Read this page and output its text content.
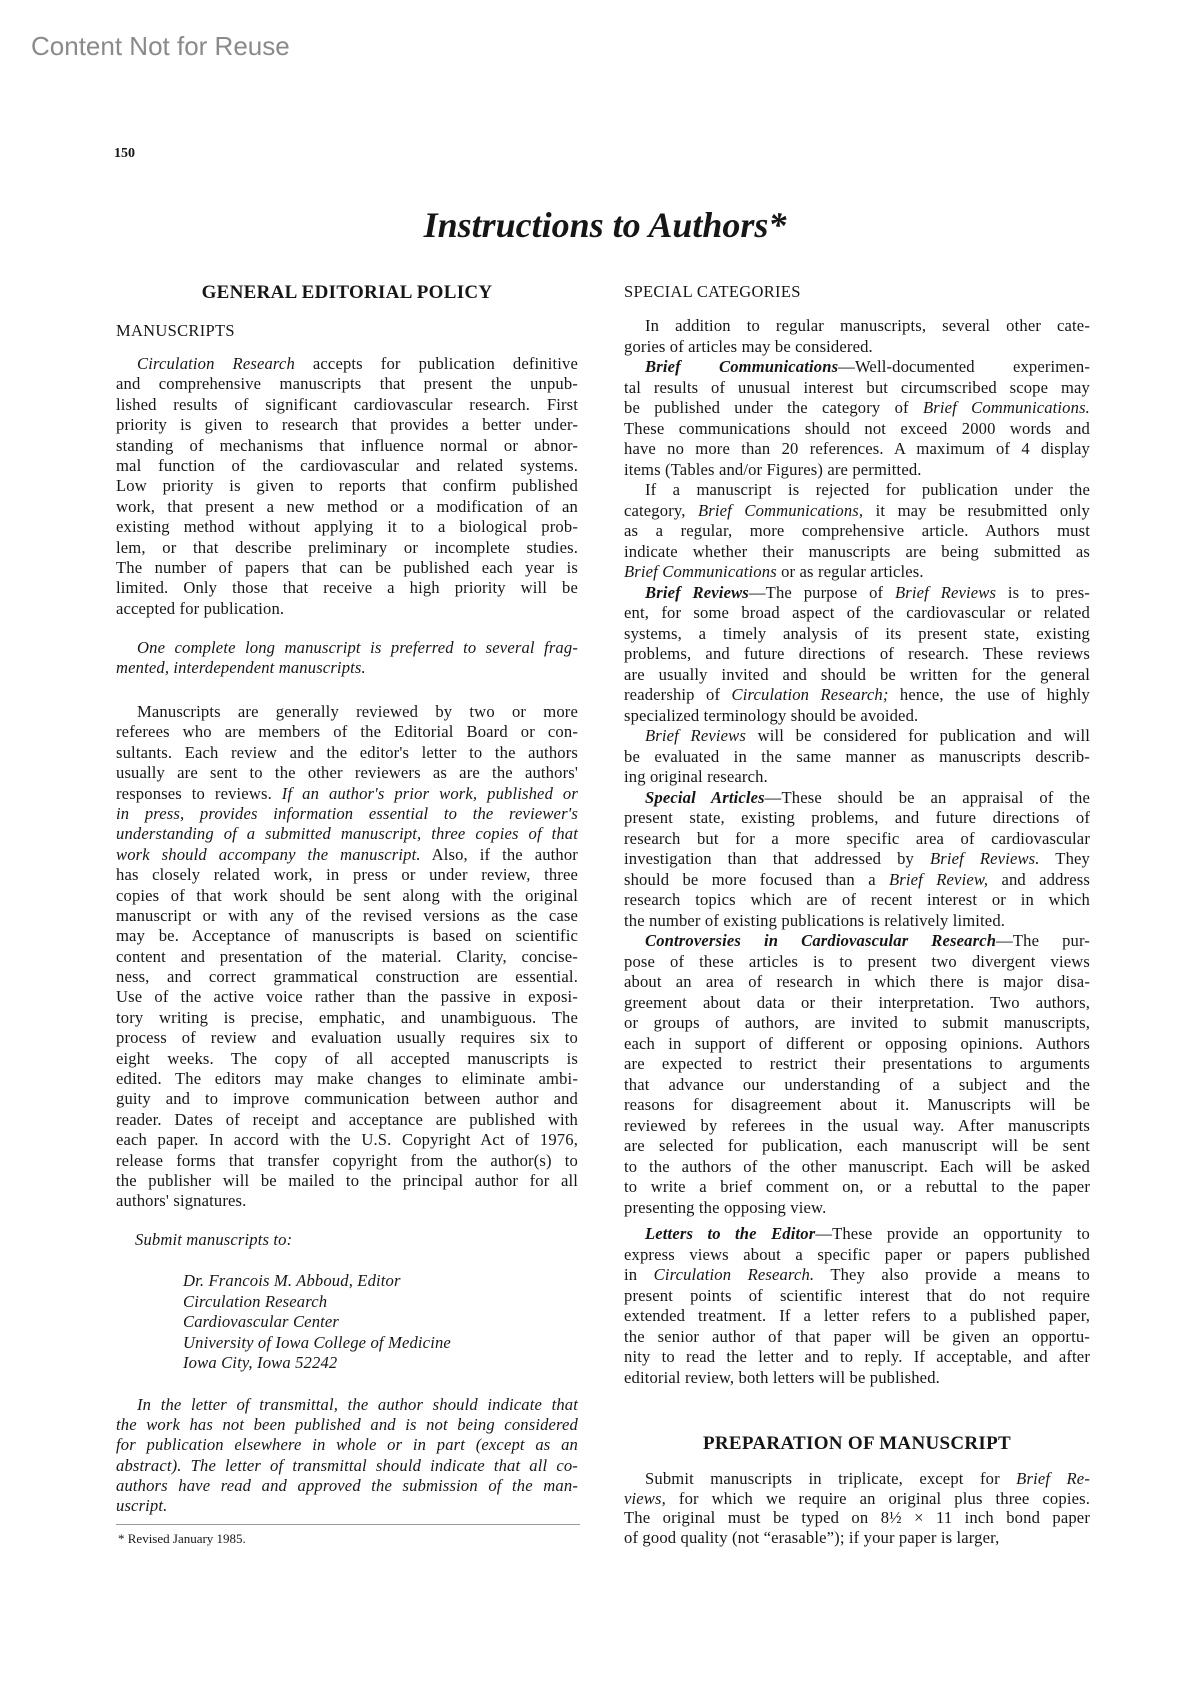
Content Not for Reuse
150
Instructions to Authors*
GENERAL EDITORIAL POLICY
MANUSCRIPTS
Circulation Research accepts for publication definitive
and comprehensive manuscripts that present the unpub-
lished results of significant cardiovascular research. First
priority is given to research that provides a better under-
standing of mechanisms that influence normal or abnor-
mal function of the cardiovascular and related systems.
Low priority is given to reports that confirm published
work, that present a new method or a modification of an
existing method without applying it to a biological prob-
lem, or that describe preliminary or incomplete studies.
The number of papers that can be published each year is
limited. Only those that receive a high priority will be
accepted for publication.
One complete long manuscript is preferred to several frag-
mented, interdependent manuscripts.
Manuscripts are generally reviewed by two or more
referees who are members of the Editorial Board or con-
sultants. Each review and the editor's letter to the authors
usually are sent to the other reviewers as are the authors'
responses to reviews. If an author's prior work, published or
in press, provides information essential to the reviewer's
understanding of a submitted manuscript, three copies of that
work should accompany the manuscript. Also, if the author
has closely related work, in press or under review, three
copies of that work should be sent along with the original
manuscript or with any of the revised versions as the case
may be. Acceptance of manuscripts is based on scientific
content and presentation of the material. Clarity, concise-
ness, and correct grammatical construction are essential.
Use of the active voice rather than the passive in exposi-
tory writing is precise, emphatic, and unambiguous. The
process of review and evaluation usually requires six to
eight weeks. The copy of all accepted manuscripts is
edited. The editors may make changes to eliminate ambi-
guity and to improve communication between author and
reader. Dates of receipt and acceptance are published with
each paper. In accord with the U.S. Copyright Act of 1976,
release forms that transfer copyright from the author(s) to
the publisher will be mailed to the principal author for all
authors' signatures.
Submit manuscripts to:
Dr. Francois M. Abboud, Editor
Circulation Research
Cardiovascular Center
University of Iowa College of Medicine
Iowa City, Iowa 52242
In the letter of transmittal, the author should indicate that
the work has not been published and is not being considered
for publication elsewhere in whole or in part (except as an
abstract). The letter of transmittal should indicate that all co-
authors have read and approved the submission of the man-
uscript.
* Revised January 1985.
SPECIAL CATEGORIES
In addition to regular manuscripts, several other cate-
gories of articles may be considered.
Brief Communications—Well-documented experimen-
tal results of unusual interest but circumscribed scope may
be published under the category of Brief Communications.
These communications should not exceed 2000 words and
have no more than 20 references. A maximum of 4 display
items (Tables and/or Figures) are permitted.
If a manuscript is rejected for publication under the
category, Brief Communications, it may be resubmitted only
as a regular, more comprehensive article. Authors must
indicate whether their manuscripts are being submitted as
Brief Communications or as regular articles.
Brief Reviews—The purpose of Brief Reviews is to pres-
ent, for some broad aspect of the cardiovascular or related
systems, a timely analysis of its present state, existing
problems, and future directions of research. These reviews
are usually invited and should be written for the general
readership of Circulation Research; hence, the use of highly
specialized terminology should be avoided.
Brief Reviews will be considered for publication and will
be evaluated in the same manner as manuscripts describ-
ing original research.
Special Articles—These should be an appraisal of the
present state, existing problems, and future directions of
research but for a more specific area of cardiovascular
investigation than that addressed by Brief Reviews. They
should be more focused than a Brief Review, and address
research topics which are of recent interest or in which
the number of existing publications is relatively limited.
Controversies in Cardiovascular Research—The pur-
pose of these articles is to present two divergent views
about an area of research in which there is major disa-
greement about data or their interpretation. Two authors,
or groups of authors, are invited to submit manuscripts,
each in support of different or opposing opinions. Authors
are expected to restrict their presentations to arguments
that advance our understanding of a subject and the
reasons for disagreement about it. Manuscripts will be
reviewed by referees in the usual way. After manuscripts
are selected for publication, each manuscript will be sent
to the authors of the other manuscript. Each will be asked
to write a brief comment on, or a rebuttal to the paper
presenting the opposing view.
Letters to the Editor—These provide an opportunity to
express views about a specific paper or papers published
in Circulation Research. They also provide a means to
present points of scientific interest that do not require
extended treatment. If a letter refers to a published paper,
the senior author of that paper will be given an opportu-
nity to read the letter and to reply. If acceptable, and after
editorial review, both letters will be published.
PREPARATION OF MANUSCRIPT
Submit manuscripts in triplicate, except for Brief Re-
views, for which we require an original plus three copies.
The original must be typed on 8½ × 11 inch bond paper
of good quality (not “erasable”); if your paper is larger,
